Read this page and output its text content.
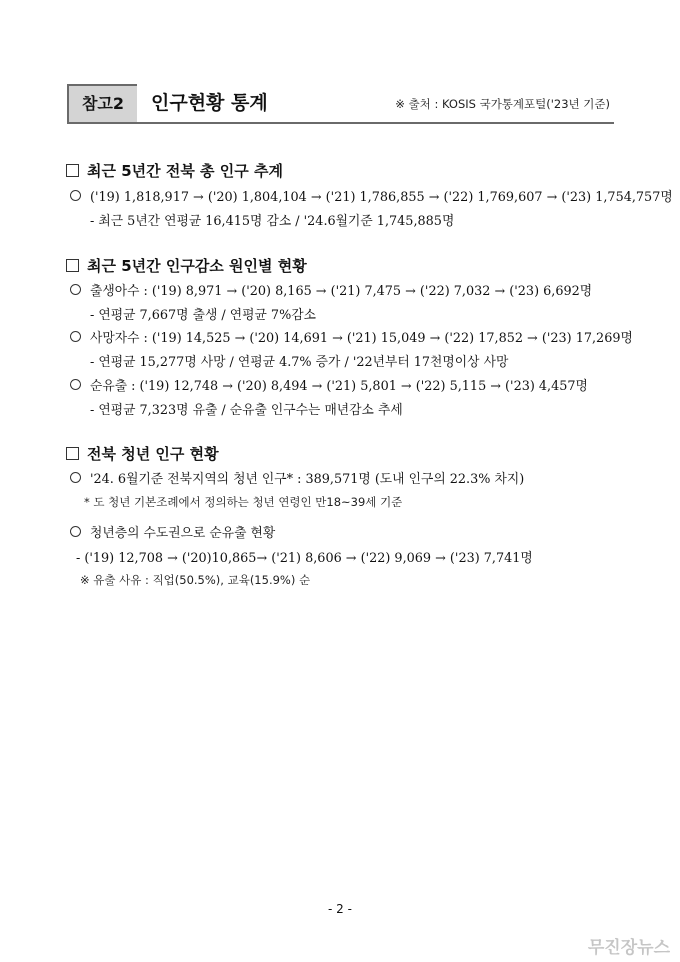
참고2	인구현황 통계	※ 출처 : KOSIS 국가통계포털('23년 기준)
최근 5년간 전북 총 인구 추계
('19) 1,818,917 → ('20) 1,804,104 → ('21) 1,786,855 → ('22) 1,769,607 → ('23) 1,754,757명
- 최근 5년간 연평균 16,415명 감소 / '24.6월기준 1,745,885명
최근 5년간 인구감소 원인별 현황
출생아수 : ('19) 8,971 → ('20) 8,165 → ('21) 7,475 → ('22) 7,032 → ('23) 6,692명
- 연평균 7,667명 출생 / 연평균 7%감소
사망자수 : ('19) 14,525 → ('20) 14,691 → ('21) 15,049 → ('22) 17,852 → ('23) 17,269명
- 연평균 15,277명 사망 / 연평균 4.7% 증가 / '22년부터 17천명이상 사망
순유출 : ('19) 12,748 → ('20) 8,494 → ('21) 5,801 → ('22) 5,115 → ('23) 4,457명
- 연평균 7,323명 유출 / 순유출 인구수는 매년감소 추세
전북 청년 인구 현황
'24. 6월기준 전북지역의 청년 인구* : 389,571명 (도내 인구의 22.3% 차지)
* 도 청년 기본조례에서 정의하는 청년 연령인 만18~39세 기준
청년층의 수도권으로 순유출 현황
- ('19) 12,708 → ('20)10,865→ ('21) 8,606 → ('22) 9,069 → ('23) 7,741명
※ 유출 사유 : 직업(50.5%), 교육(15.9%) 순
- 2 -
무진장뉴스
